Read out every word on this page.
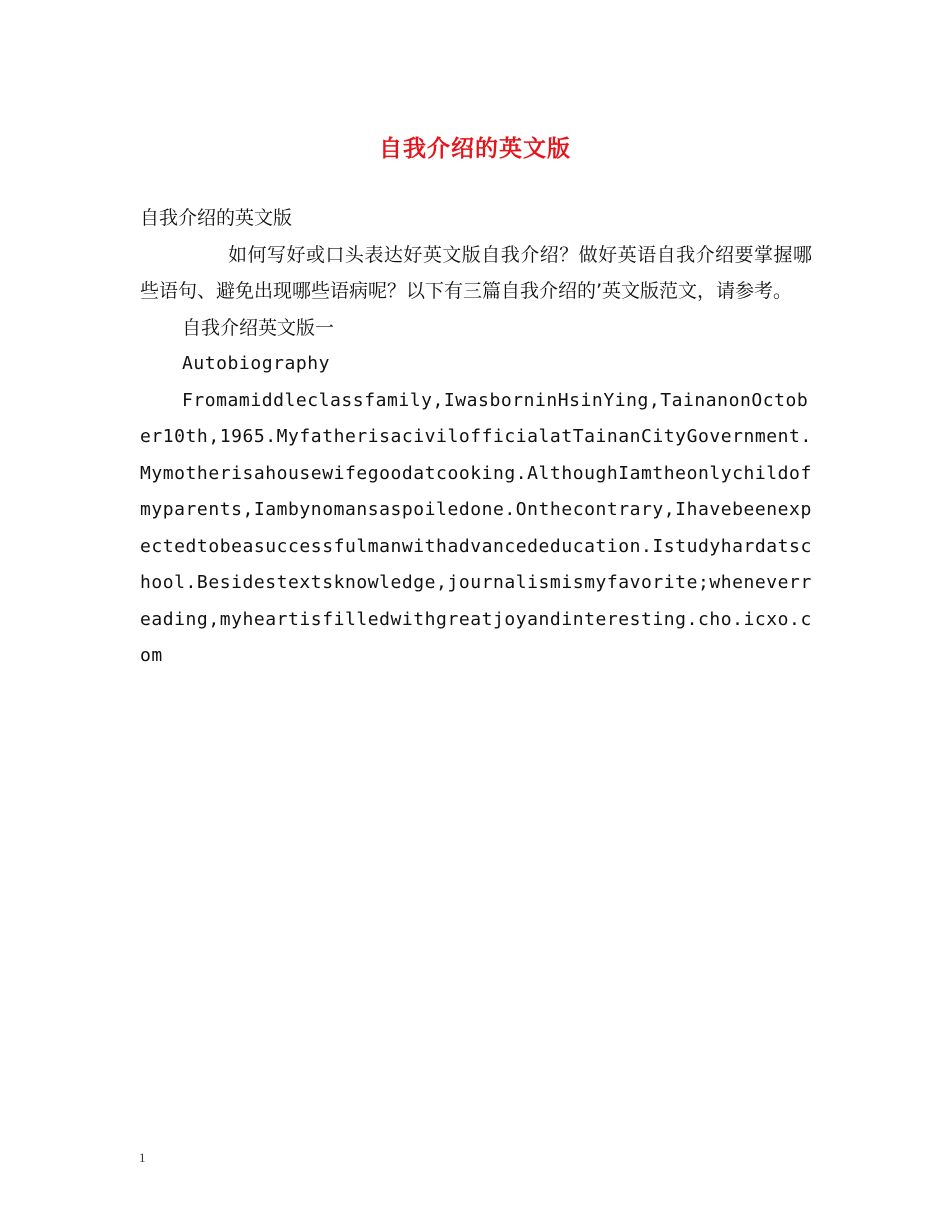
自我介绍的英文版

自我介绍的英文版

如何写好或口头表达好英文版自我介绍？做好英语自我介绍要掌握哪些语句、避免出现哪些语病呢？以下有三篇自我介绍的’英文版范文，请参考。

自我介绍英文版一

Autobiography

Fromamiddleclassfamily,IwasborninHsinYing,TainanonOctober10th,1965.MyfatherisacivilofficialatTainanCityGovernment.Mymotherisahousewifegoodatcooking.AlthoughIamtheonlychildofmyparents,Iambynomansaspoiledone.Onthecontrary,Ihavebeenexpectedtobeasuccessfulmanwithadvancededucation.Istudyhardatschool.Besidestextsknowledge,journalismismyfavorite;wheneverreading,myheartisfilledwithgreatjoyandinteresting.cho.icxo.com

1
